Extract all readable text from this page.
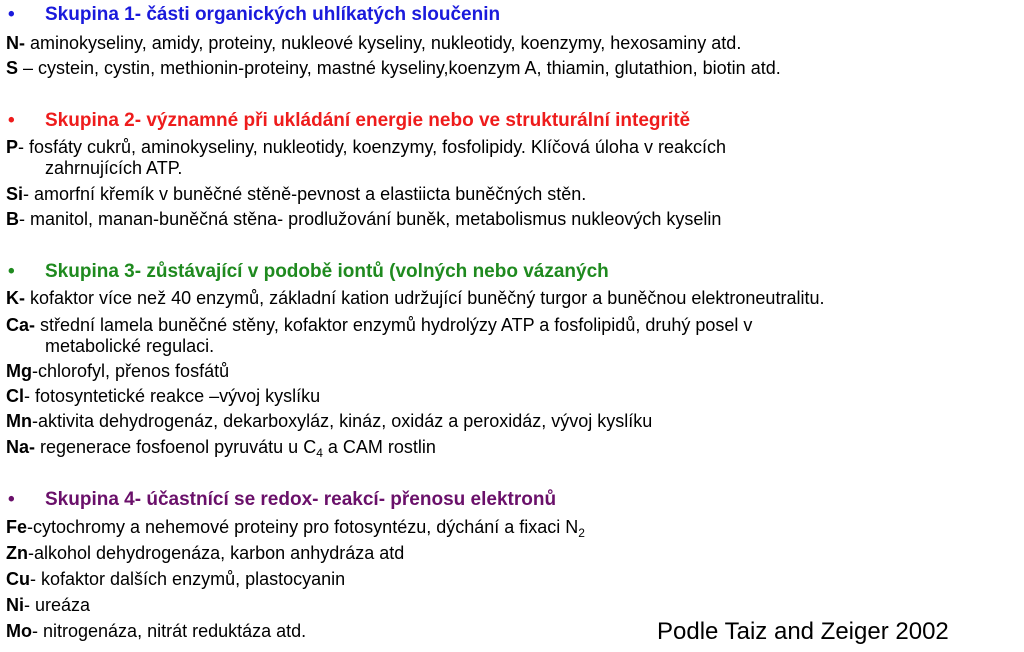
• Skupina 1- části organických uhlíkatých sloučenin
N- aminokyseliny, amidy, proteiny, nukleové kyseliny, nukleotidy, koenzymy, hexosaminy atd.
S – cystein, cystin, methionin-proteiny, mastné kyseliny,koenzym A, thiamin, glutathion, biotin atd.
• Skupina 2- významné při ukládání energie nebo ve strukturální integritě
P- fosfáty cukrů, aminokyseliny, nukleotidy, koenzymy, fosfolipidy. Klíčová úloha v reakcích
zahrnujících ATP.
Si- amorfní křemík v buněčné stěně-pevnost a elastiicta buněčných stěn.
B- manitol, manan-buněčná stěna- prodlužování buněk, metabolismus nukleových kyselin
• Skupina 3- zůstávající v podobě iontů (volných nebo vázaných
K- kofaktor více než 40 enzymů, základní kation udržující buněčný turgor a buněčnou elektroneutralitu.
Ca- střední lamela buněčné stěny, kofaktor enzymů hydrolýzy ATP a fosfolipidů, druhý posel v
metabolické regulaci.
Mg-chlorofyl, přenos fosfátů
Cl- fotosyntetické reakce –vývoj kyslíku
Mn-aktivita dehydrogenáz, dekarboxyláz, kináz, oxidáz a peroxidáz, vývoj kyslíku
Na- regenerace fosfoenol pyruvátu u $C_4$ a CAM rostlin
• Skupina 4- účastnící se redox- reakcí- přenosu elektronů
Fe-cytochromy a nehemové proteiny pro fotosyntézu, dýchání a fixaci $N_2$
Zn-alkohol dehydrogenáza, karbon anhydráza atd
Cu- kofaktor dalších enzymů, plastocyanin
Ni- ureáza
Mo- nitrogenáza, nitrát reduktáza atd.	Podle Taiz and Zeiger 2002
